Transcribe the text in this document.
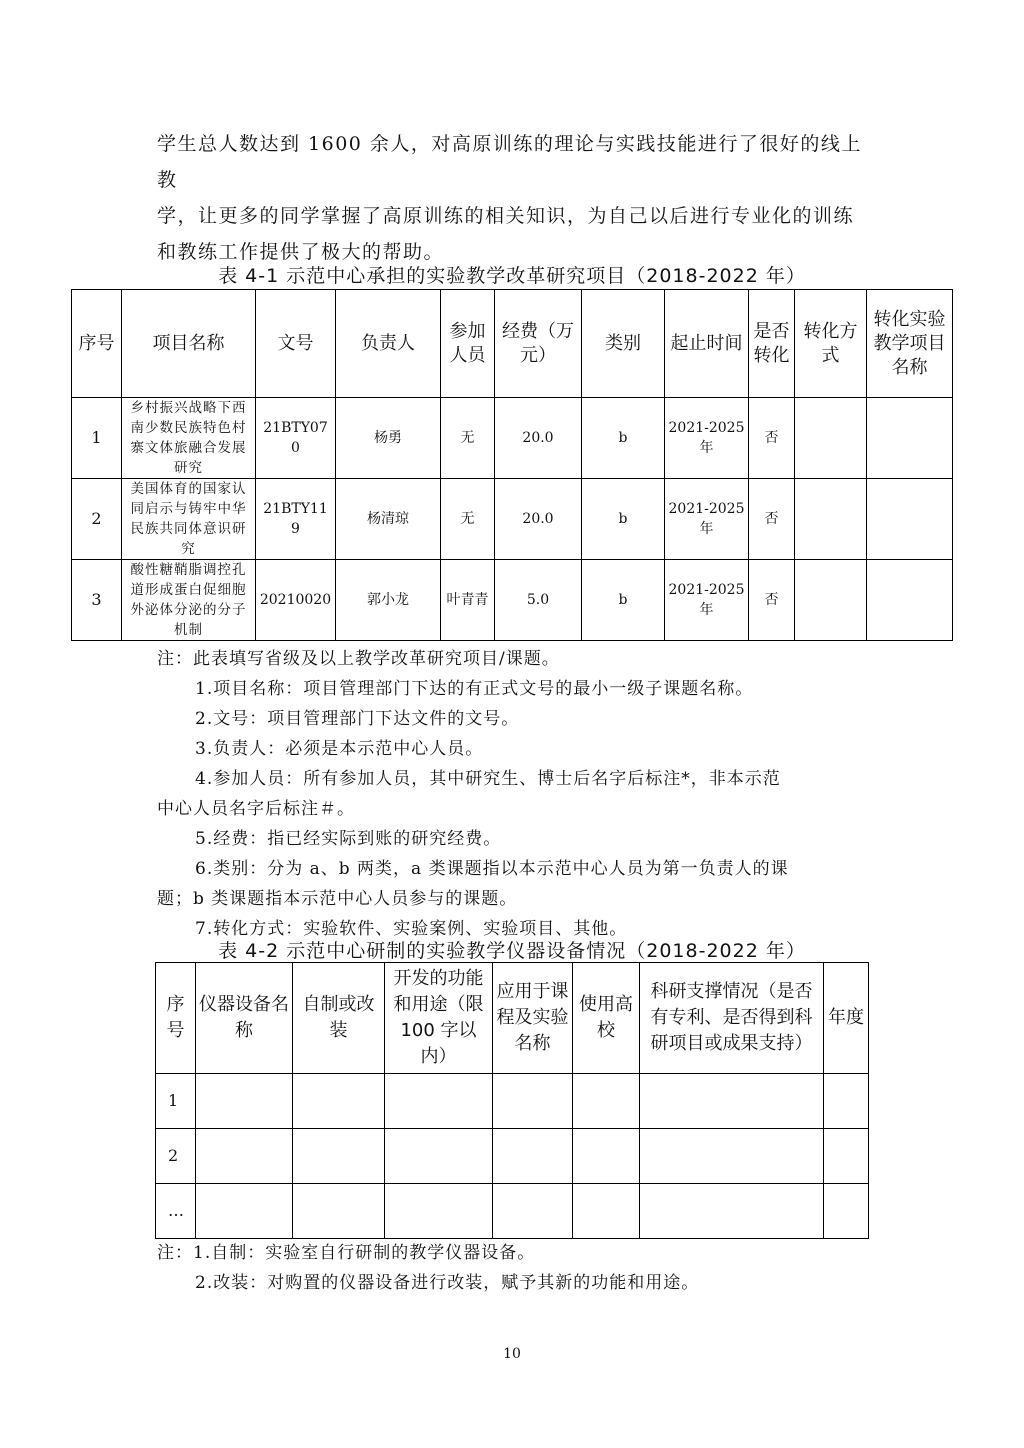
学生总人数达到 1600 余人，对高原训练的理论与实践技能进行了很好的线上教

学，让更多的同学掌握了高原训练的相关知识，为自己以后进行专业化的训练

和教练工作提供了极大的帮助。

表 4-1 示范中心承担的实验教学改革研究项目（2018-2022 年）
序号	项目名称	文号	负责人	参加人员	经费（万元）	类别	起止时间	是否转化	转化方式	转化实验教学项目名称
1	乡村振兴战略下西南少数民族特色村寨文体旅融合发展研究	21BTY070	杨勇	无	20.0	b	2021-2025 年	否		
2	美国体育的国家认同启示与铸牢中华民族共同体意识研究	21BTY119	杨清琼	无	20.0	b	2021-2025 年	否		
3	酸性糖鞘脂调控孔道形成蛋白促细胞外泌体分泌的分子机制	20210020	郭小龙	叶青青	5.0	b	2021-2025 年	否		

注：此表填写省级及以上教学改革研究项目/课题。

1.项目名称：项目管理部门下达的有正式文号的最小一级子课题名称。

2.文号：项目管理部门下达文件的文号。

3.负责人：必须是本示范中心人员。

4.参加人员：所有参加人员，其中研究生、博士后名字后标注*，非本示范

中心人员名字后标注＃。

5.经费：指已经实际到账的研究经费。

6.类别：分为 a、b 两类，a 类课题指以本示范中心人员为第一负责人的课

题；b 类课题指本示范中心人员参与的课题。

7.转化方式：实验软件、实验案例、实验项目、其他。

表 4-2 示范中心研制的实验教学仪器设备情况（2018-2022 年）
序号	仪器设备名称	自制或改装	开发的功能和用途（限 100 字以内）	应用于课程及实验名称	使用高校	科研支撑情况（是否有专利、是否得到科研项目或成果支持）	年度
1							
2							
…							

注：1.自制：实验室自行研制的教学仪器设备。

2.改装：对购置的仪器设备进行改装，赋予其新的功能和用途。

10
